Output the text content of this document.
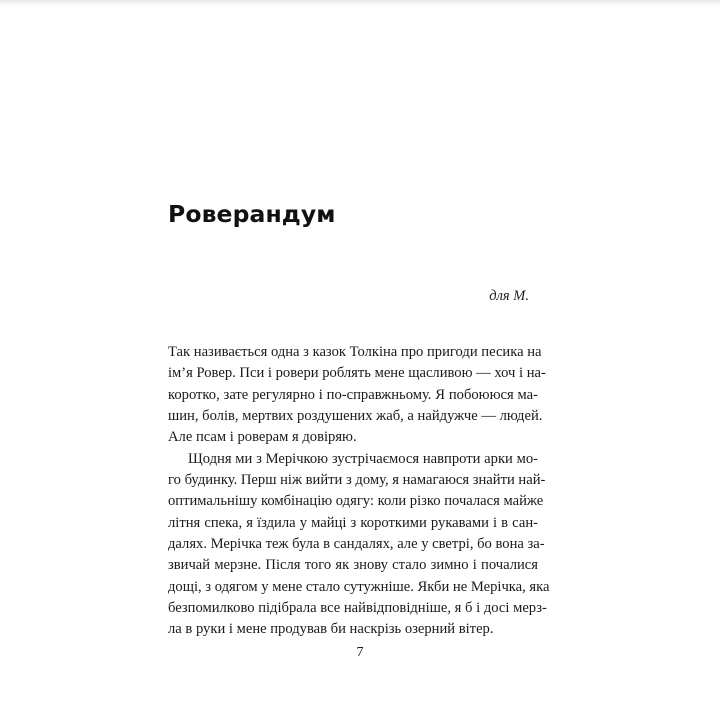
Роверандум

для М.

Так називається одна з казок Толкіна про пригоди песика на
ім’я Ровер. Пси і ровери роблять мене щасливою — хоч і на-
коротко, зате регулярно і по-справжньому. Я побоююся ма-
шин, болів, мертвих роздушених жаб, а найдужче — людей.
Але псам і роверам я довіряю.
Щодня ми з Мерічкою зустрічаємося навпроти арки мо-
го будинку. Перш ніж вийти з дому, я намагаюся знайти най-
оптимальнішу комбінацію одягу: коли різко почалася майже
літня спека, я їздила у майці з короткими рукавами і в сан-
далях. Мерічка теж була в сандалях, але у светрі, бо вона за-
звичай мерзне. Після того як знову стало зимно і почалися
дощі, з одягом у мене стало сутужніше. Якби не Мерічка, яка
безпомилково підібрала все найвідповідніше, я б і досі мерз-
ла в руки і мене продував би наскрізь озерний вітер.

7
